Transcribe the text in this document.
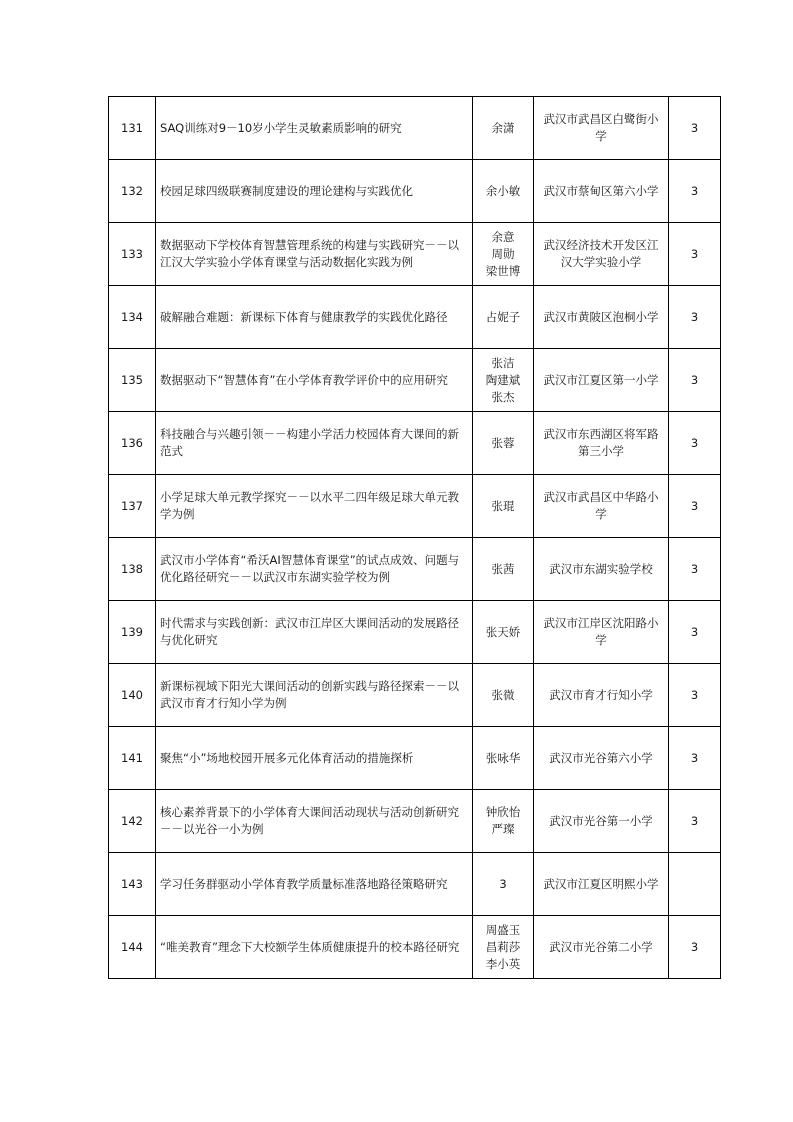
131	SAQ训练对9－10岁小学生灵敏素质影响的研究	余潇	武汉市武昌区白鹭街小学	3
132	校园足球四级联赛制度建设的理论建构与实践优化	余小敏	武汉市蔡甸区第六小学	3
133	数据驱动下学校体育智慧管理系统的构建与实践研究－－以江汉大学实验小学体育课堂与活动数据化实践为例	余意
周勋
梁世博	武汉经济技术开发区江汉大学实验小学	3
134	破解融合难题：新课标下体育与健康教学的实践优化路径	占妮子	武汉市黄陂区泡桐小学	3
135	数据驱动下“智慧体育”在小学体育教学评价中的应用研究	张洁
陶建斌
张杰	武汉市江夏区第一小学	3
136	科技融合与兴趣引领－－构建小学活力校园体育大课间的新范式	张蓉	武汉市东西湖区将军路第三小学	3
137	小学足球大单元教学探究－－以水平二四年级足球大单元教学为例	张琨	武汉市武昌区中华路小学	3
138	武汉市小学体育“希沃AI智慧体育课堂”的试点成效、问题与优化路径研究－－以武汉市东湖实验学校为例	张茜	武汉市东湖实验学校	3
139	时代需求与实践创新：武汉市江岸区大课间活动的发展路径与优化研究	张天娇	武汉市江岸区沈阳路小学	3
140	新课标视域下阳光大课间活动的创新实践与路径探索－－以武汉市育才行知小学为例	张微	武汉市育才行知小学	3
141	聚焦“小”场地校园开展多元化体育活动的措施探析	张咏华	武汉市光谷第六小学	3
142	核心素养背景下的小学体育大课间活动现状与活动创新研究－－以光谷一小为例	钟欣怡
严璨	武汉市光谷第一小学	3
143	学习任务群驱动小学体育教学质量标准落地路径策略研究	3	武汉市江夏区明熙小学	
144	“唯美教育”理念下大校额学生体质健康提升的校本路径研究	周盛玉
昌莉莎
李小英	武汉市光谷第二小学	3
